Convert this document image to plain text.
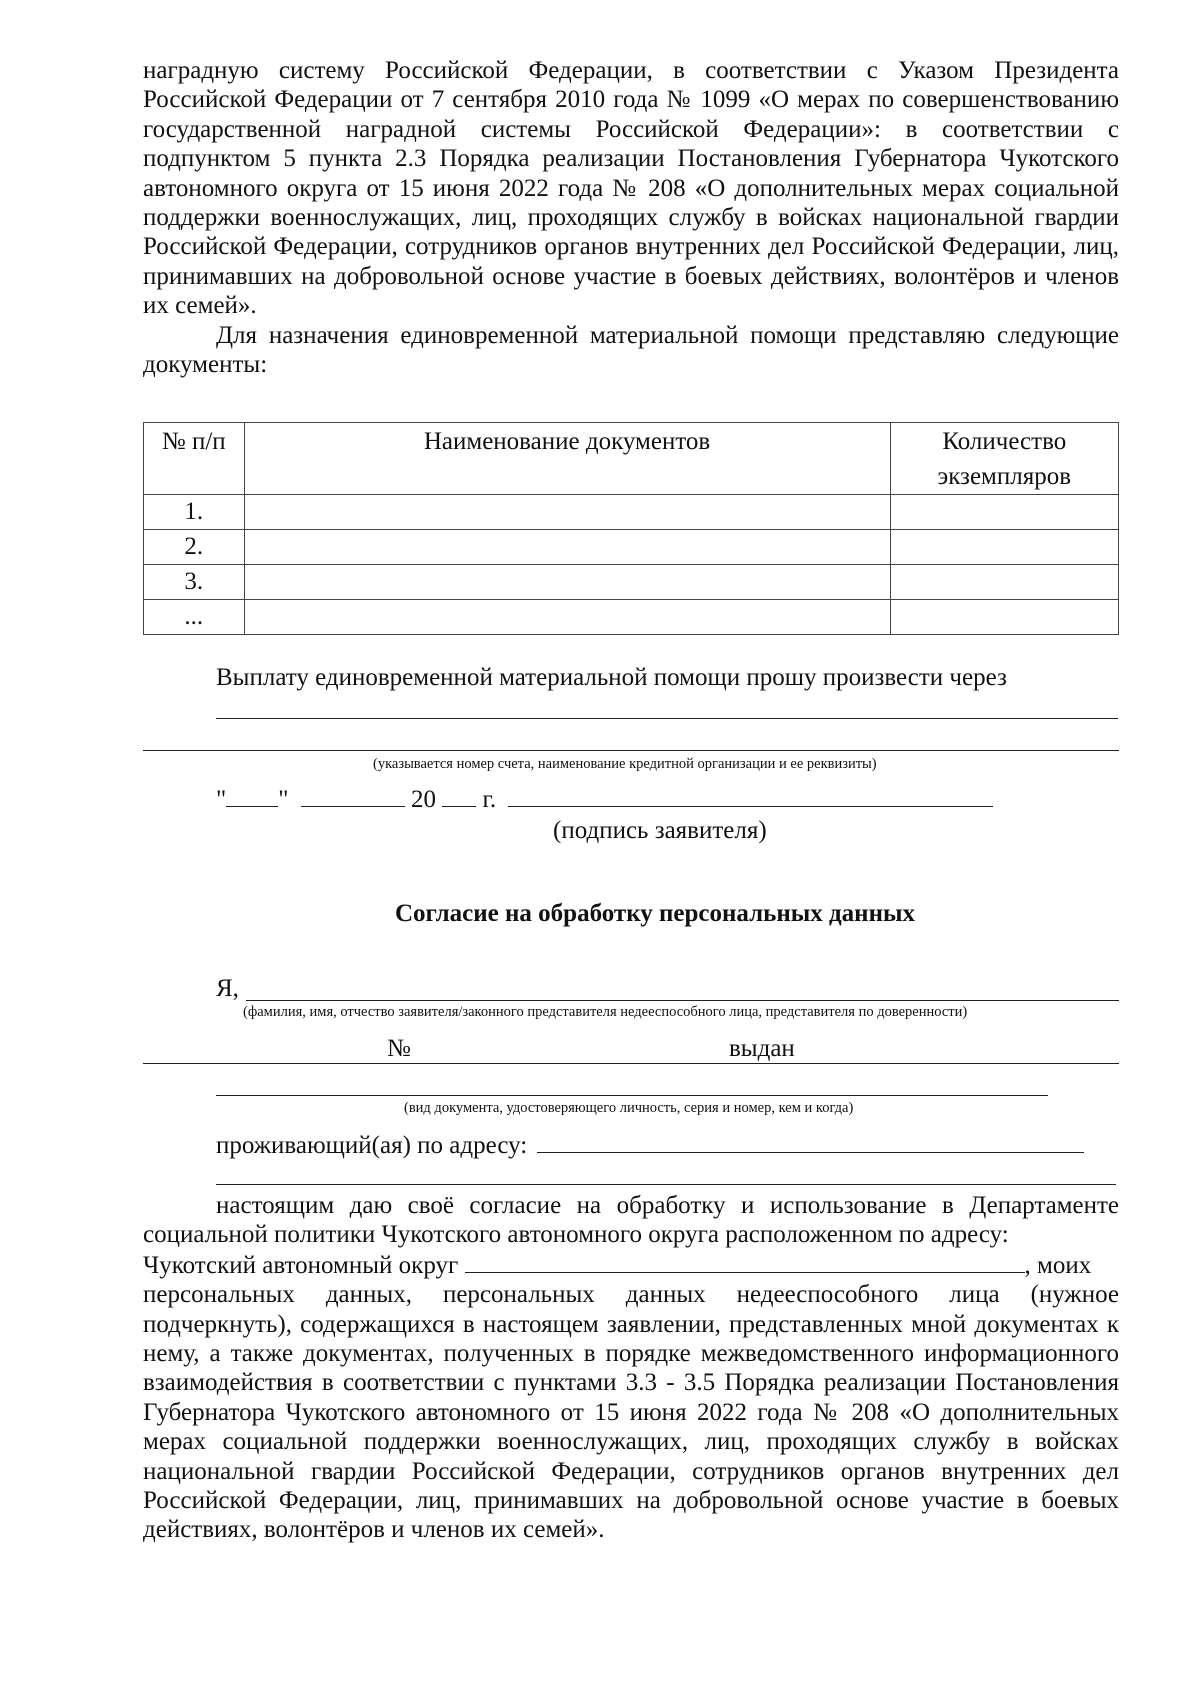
наградную систему Российской Федерации, в соответствии с Указом Президента Российской Федерации от 7 сентября 2010 года № 1099 «О мерах по совершенствованию государственной наградной системы Российской Федерации»: в соответствии с подпунктом 5 пункта 2.3 Порядка реализации Постановления Губернатора Чукотского автономного округа от 15 июня 2022 года № 208 «О дополнительных мерах социальной поддержки военнослужащих, лиц, проходящих службу в войсках национальной гвардии Российской Федерации, сотрудников органов внутренних дел Российской Федерации, лиц, принимавших на добровольной основе участие в боевых действиях, волонтёров и членов их семей».

Для назначения единовременной материальной помощи представляю следующие документы:

№ п/п	Наименование документов	Количество
экземпляров
1.		
2.		
3.		
...		
Выплату единовременной материальной помощи прошу произвести через
(указывается номер счета, наименование кредитной организации и ее реквизиты)
" "	20 г.
(подпись заявителя)
Согласие на обработку персональных данных
Я,
(фамилия, имя, отчество заявителя/законного представителя недееспособного лица, представителя по доверенности)
№	выдан
(вид документа, удостоверяющего личность, серия и номер, кем и когда)
проживающий(ая) по адресу:

настоящим даю своё согласие на обработку и использование в Департаменте социальной политики Чукотского автономного округа расположенном по адресу:

Чукотский автономный округ	, моих

персональных данных, персональных данных недееспособного лица (нужное подчеркнуть), содержащихся в настоящем заявлении, представленных мной документах к нему, а также документах, полученных в порядке межведомственного информационного взаимодействия в соответствии с пунктами 3.3 - 3.5 Порядка реализации Постановления Губернатора Чукотского автономного от 15 июня 2022 года № 208 «О дополнительных мерах социальной поддержки военнослужащих, лиц, проходящих службу в войсках национальной гвардии Российской Федерации, сотрудников органов внутренних дел Российской Федерации, лиц, принимавших на добровольной основе участие в боевых действиях, волонтёров и членов их семей».
